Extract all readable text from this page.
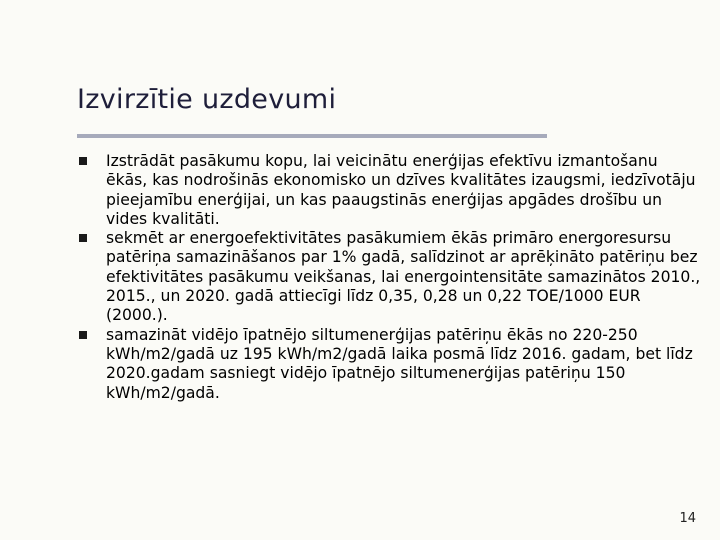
Izvirzītie uzdevumi
Izstrādāt pasākumu kopu, lai veicinātu enerģijas efektīvu izmantošanu ēkās, kas nodrošinās ekonomisko un dzīves kvalitātes izaugsmi, iedzīvotāju pieejamību enerģijai, un kas paaugstinās enerģijas apgādes drošību un vides kvalitāti.
sekmēt ar energoefektivitātes pasākumiem ēkās primāro energoresursu patēriņa samazināšanos par 1% gadā, salīdzinot ar aprēķināto patēriņu bez efektivitātes pasākumu veikšanas, lai energointensitāte samazinātos 2010., 2015., un 2020. gadā attiecīgi līdz 0,35, 0,28 un 0,22 TOE/1000 EUR (2000.).
samazināt vidējo īpatnējo siltumenerģijas patēriņu ēkās no 220-250 kWh/m2/gadā uz 195 kWh/m2/gadā laika posmā līdz 2016. gadam, bet līdz 2020.gadam sasniegt vidējo īpatnējo siltumenerģijas patēriņu 150 kWh/m2/gadā.
14
